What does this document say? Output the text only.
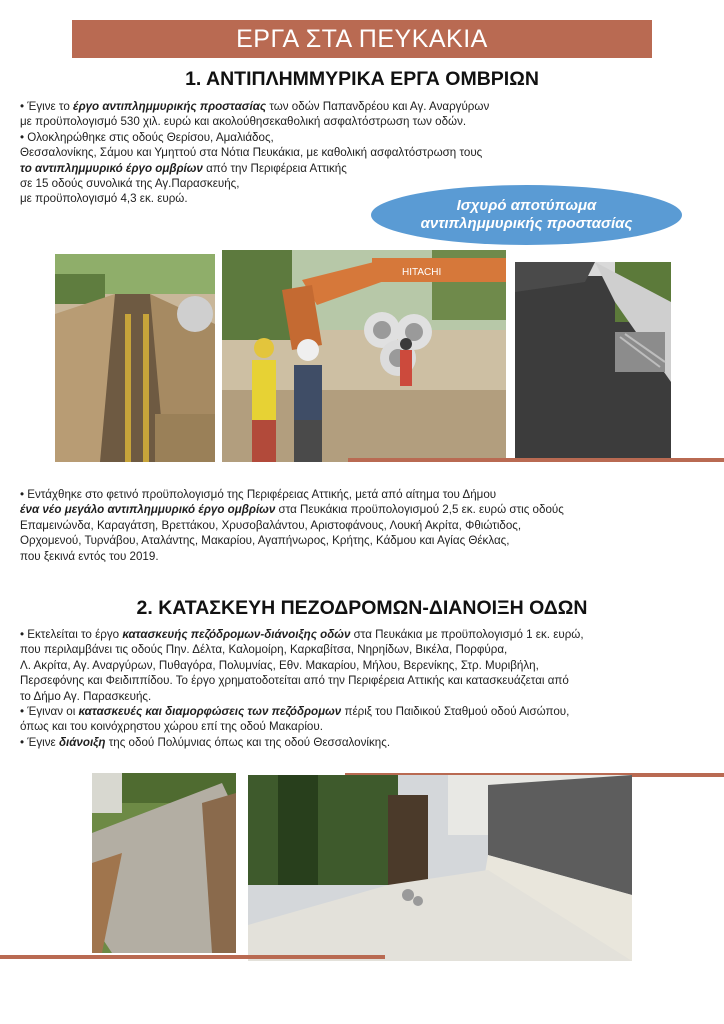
ΕΡΓΑ ΣΤΑ ΠΕΥΚΑΚΙΑ
1. ΑΝΤΙΠΛΗΜΜΥΡΙΚΑ ΕΡΓΑ ΟΜΒΡΙΩΝ
• Έγινε το έργο αντιπλημμυρικής προστασίας των οδών Παπανδρέου και Αγ. Αναργύρων
με προϋπολογισμό 530 χιλ. ευρώ και ακολούθησεκαθολική ασφαλτόστρωση των οδών.
• Ολοκληρώθηκε στις οδούς Θερίσου, Αμαλιάδος,
Θεσσαλονίκης, Σάμου και Υμηττού στα Νότια Πευκάκια, με καθολική ασφαλτόστρωση τους
το αντιπλημμυρικό έργο ομβρίων από την Περιφέρεια Αττικής
σε 15 οδούς συνολικά της Αγ.Παρασκευής,
με προϋπολογισμό 4,3 εκ. ευρώ.	Ισχυρό αποτύπωμα
αντιπλημμυρικής προστασίας
HITACHI
• Εντάχθηκε στο φετινό προϋπολογισμό της Περιφέρειας Αττικής, μετά από αίτημα του Δήμου
ένα νέο μεγάλο αντιπλημμυρικό έργο ομβρίων στα Πευκάκια προϋπολογισμού 2,5 εκ. ευρώ στις οδούς
Επαμεινώνδα, Καραγάτση, Βρεττάκου, Χρυσοβαλάντου, Αριστοφάνους, Λουκή Ακρίτα, Φθιώτιδος,
Ορχομενού, Τυρνάβου, Αταλάντης, Μακαρίου, Αγαπήνωρος, Κρήτης, Κάδμου και Αγίας Θέκλας,
που ξεκινά εντός του 2019.
2. ΚΑΤΑΣΚΕΥΗ ΠΕΖΟΔΡΟΜΩΝ-ΔΙΑΝΟΙΞΗ ΟΔΩΝ
• Εκτελείται το έργο κατασκευής πεζόδρομων-διάνοιξης οδών στα Πευκάκια με προϋπολογισμό 1 εκ. ευρώ,
που περιλαμβάνει τις οδούς Πην. Δέλτα, Καλομοίρη, Καρκαβίτσα, Νηρηίδων, Βικέλα, Πορφύρα,
Λ. Ακρίτα, Αγ. Αναργύρων, Πυθαγόρα, Πολυμνίας, Εθν. Μακαρίου, Μήλου, Βερενίκης, Στρ. Μυριβήλη,
Περσεφόνης και Φειδιππίδου. Το έργο χρηματοδοτείται από την Περιφέρεια Αττικής και κατασκευάζεται από
το Δήμο Αγ. Παρασκευής.
• Έγιναν οι κατασκευές και διαμορφώσεις των πεζόδρομων πέριξ του Παιδικού Σταθμού οδού Αισώπου,
όπως και του κοινόχρηστου χώρου επί της οδού Μακαρίου.
• Έγινε διάνοιξη της οδού Πολύμνιας όπως και της οδού Θεσσαλονίκης.
